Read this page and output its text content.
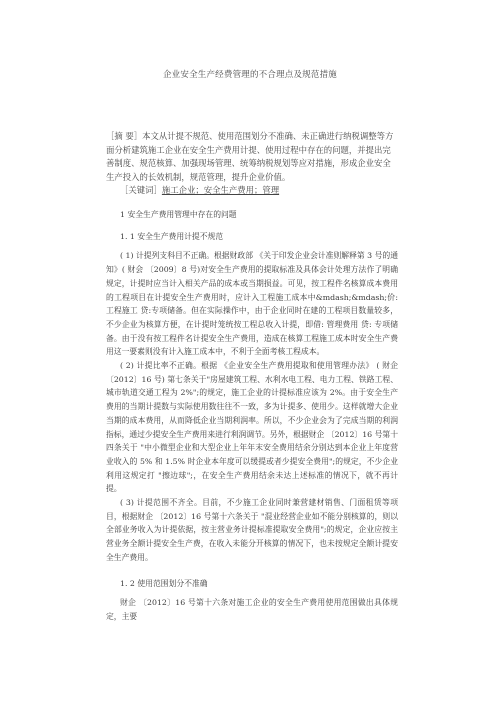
企业安全生产经费管理的不合理点及规范措施
［摘 要］本文从计提不规范、使用范围划分不准确、未正确进行纳税调整等方面分析建筑施工企业在安全生产费用计提、使用过程中存在的问题，并提出完善制度、规范核算、加强现场管理、统筹纳税规划等应对措施，形成企业安全生产投入的长效机制，规范管理，提升企业价值。
［关键词］施工企业；安全生产费用；管理
1 安全生产费用管理中存在的问题
1. 1 安全生产费用计提不规范
( 1) 计提列支科目不正确。根据财政部 《关于印发企业会计准则解释第 3 号的通知》( 财会 〔2009〕8 号)对安全生产费用的提取标准及具体会计处理方法作了明确规定，计提时应当计入相关产品的成本或当期损益。可见，按工程件名核算成本费用的工程项目在计提安全生产费用时，应计入工程施工成本中&mdash;&mdash;价: 工程施工 贷:专项储备。但在实际操作中，由于企业同时在建的工程项目数量较多，不少企业为核算方便，在计提时笼统按工程总收入计提，即借: 管理费用 贷: 专项储备。由于没有按工程件名计提安全生产费用，造成在核算工程施工成本时安全生产费用这一要素则没有计入施工成本中，不利于全面考核工程成本。
( 2) 计提比率不正确。根据 《企业安全生产费用提取和使用管理办法》 ( 财企〔2012〕16 号) 第七条关于"房屋建筑工程、水利水电工程、电力工程、铁路工程、城市轨道交通工程为 2%";的规定，施工企业的计提标准应该为 2%。由于安全生产费用的当期计提数与实际使用数往往不一致，多为计提多、使用少。这样就增大企业当期的成本费用，从而降低企业当期利润率。所以，不少企业会为了完成当期的利润指标，通过少提安全生产费用来进行利润调节。另外，根据财企 〔2012〕16 号第十四条关于 "中小微型企业和大型企业上年年末安全费用结余分别达到本企业上年度营业收入的 5% 和 1.5% 时企业本年度可以缓提或者少提安全费用";的规定，不少企业利用这规定打 "擦边球";，在安全生产费用结余未达上述标准的情况下，就不再计提。
( 3) 计提范围不齐全。目前，不少施工企业同时兼营建材销售、门面租赁等项目，根据财企 〔2012〕16 号第十六条关于 "混业经营企业如不能分别核算的，则以全部业务收入为计提依据，按主营业务计提标准提取安全费用";的规定，企业应按主营业务全额计提安全生产费，在收入未能分开核算的情况下，也未按规定全额计提安全生产费用。
1. 2 使用范围划分不准确
财企 〔2012〕16 号第十六条对施工企业的安全生产费用使用范围做出具体规定，主要
